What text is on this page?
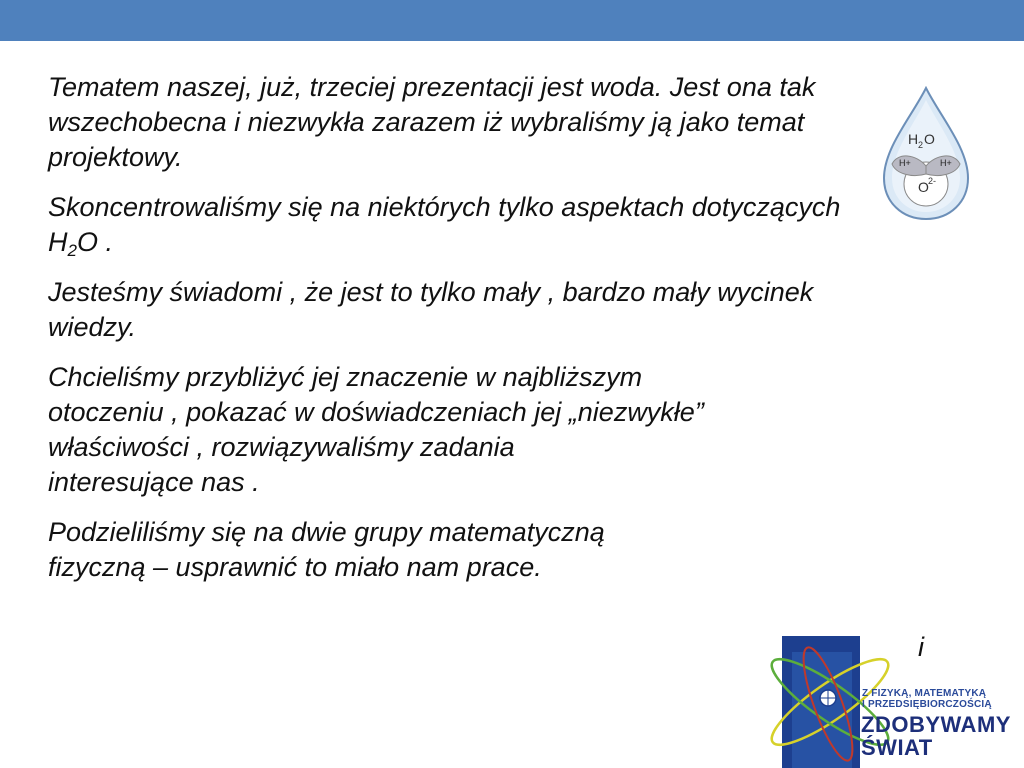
Tematem naszej, już, trzeciej prezentacji jest woda. Jest ona tak wszechobecna i niezwykła zarazem iż wybraliśmy ją jako temat projektowy.

Skoncentrowaliśmy się na niektórych tylko aspektach dotyczących $H_2O$ .

Jesteśmy świadomi , że jest to tylko mały , bardzo mały wycinek wiedzy.

Chcieliśmy przybliżyć jej znaczenie w najbliższym
otoczeniu , pokazać w doświadczeniach jej „niezwykłe”
właściwości , rozwiązywaliśmy zadania
interesujące nas .

Podzieliliśmy się na dwie grupy matematyczną
fizyczną – usprawnić to miało nam prace.

i
H 2 O
H+	H+
O 2-
Z FIZYKĄ, MATEMATYKĄ
I PRZEDSIĘBIORCZOŚCIĄ
ZDOBYWAMY
ŚWIAT
